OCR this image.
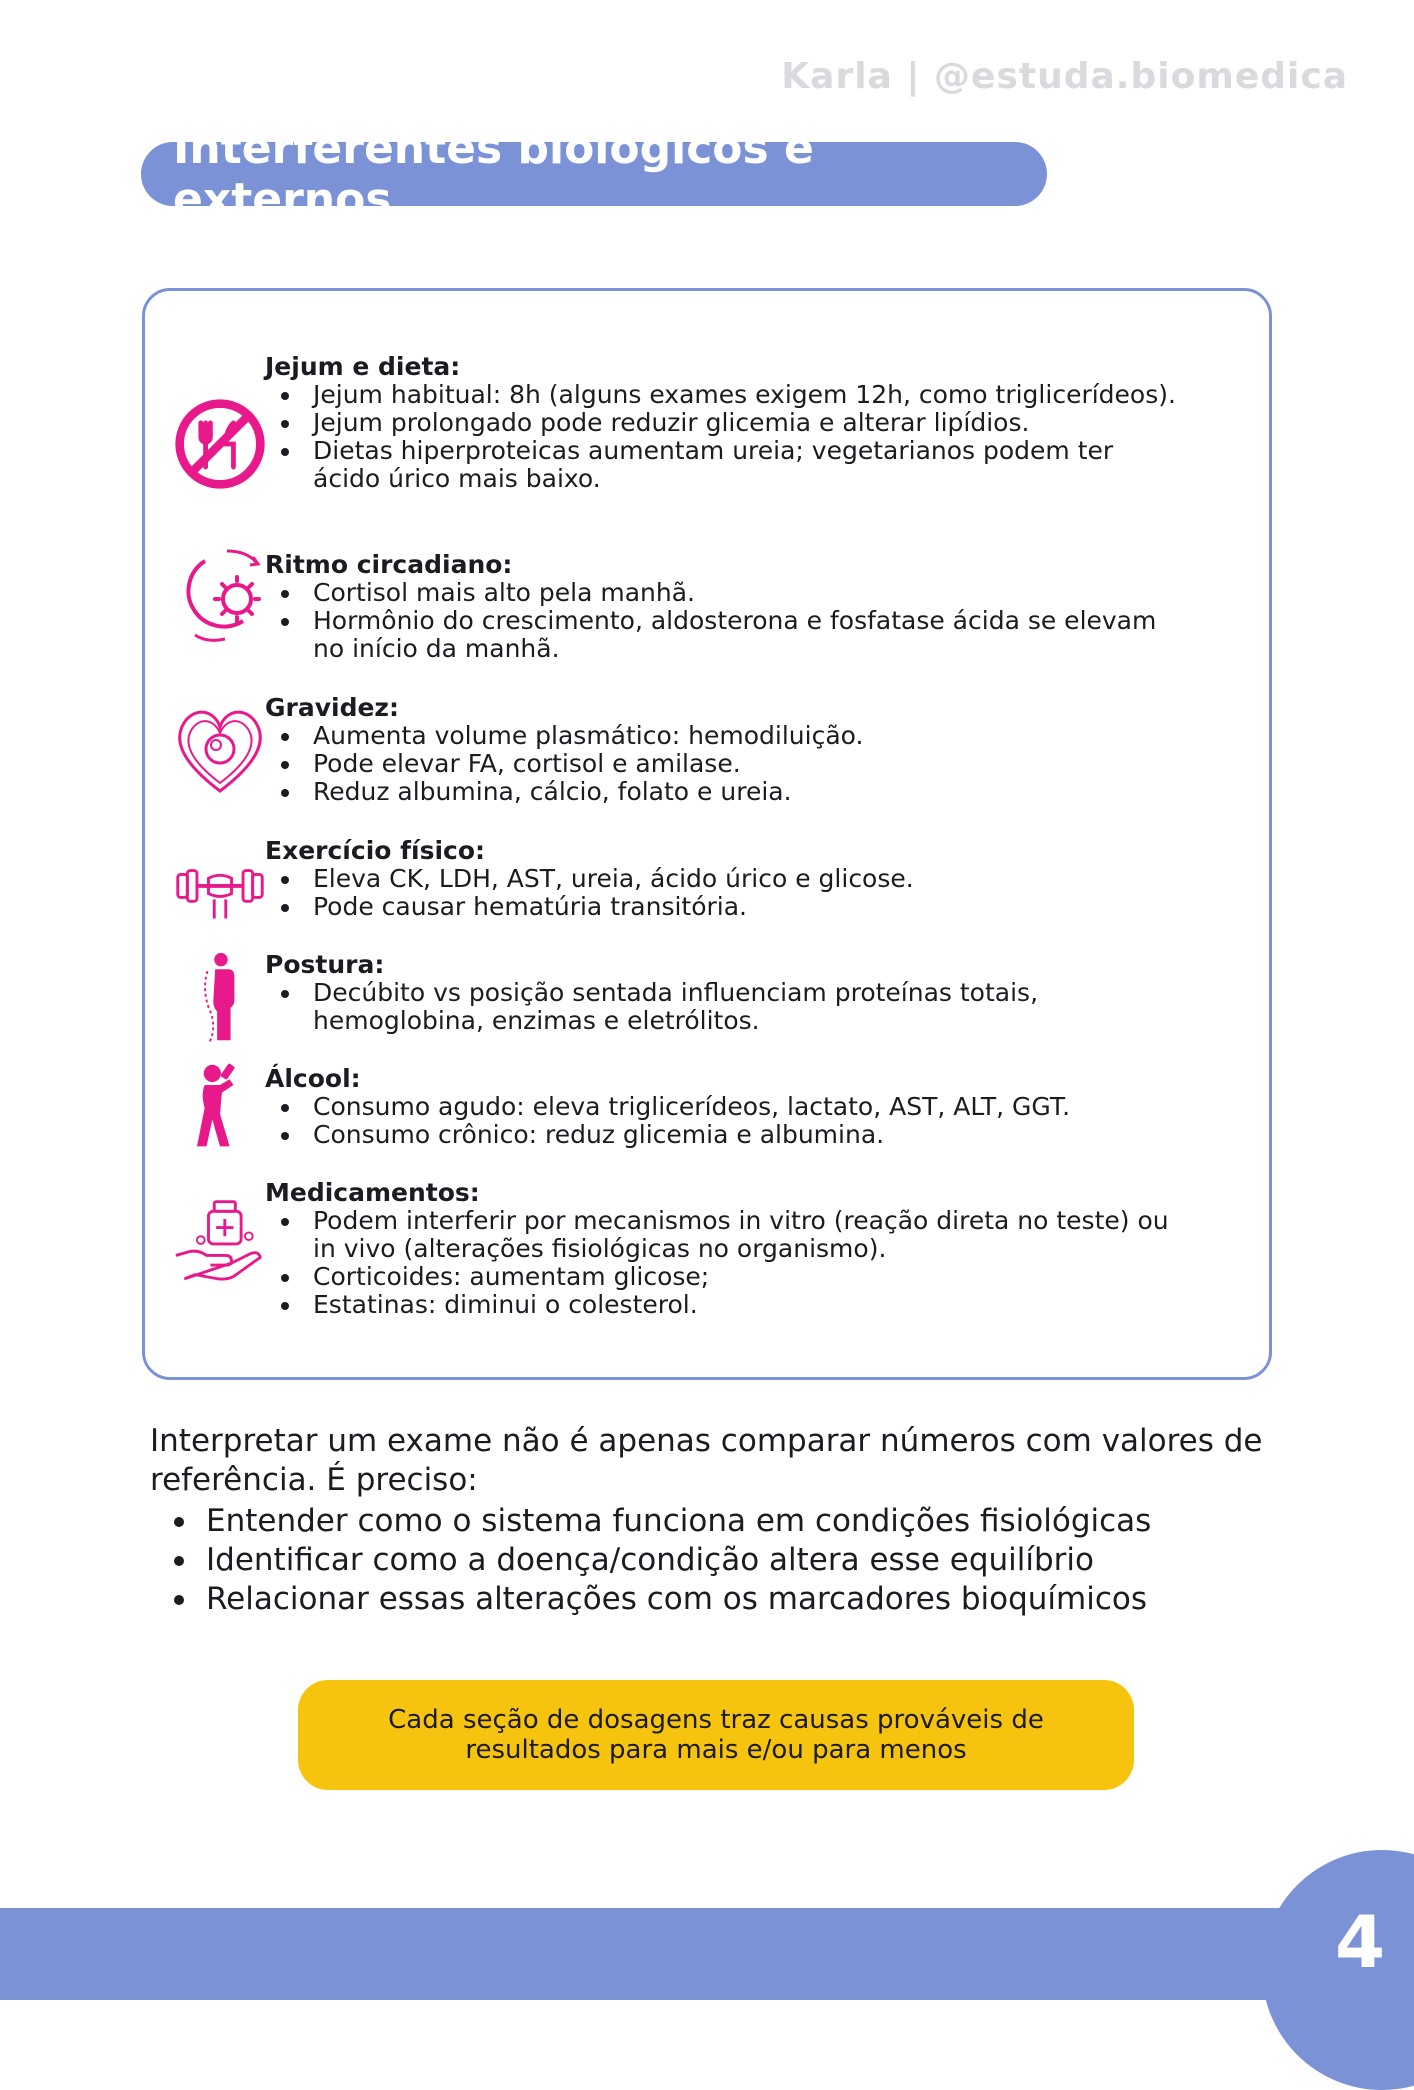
Karla | @estuda.biomedica
Interferentes biológicos e externos

Jejum e dieta:

Jejum habitual: 8h (alguns exames exigem 12h, como triglicerídeos).
Jejum prolongado pode reduzir glicemia e alterar lipídios.
Dietas hiperproteicas aumentam ureia; vegetarianos podem ter ácido úrico mais baixo.

Ritmo circadiano:

Cortisol mais alto pela manhã.
Hormônio do crescimento, aldosterona e fosfatase ácida se elevam no início da manhã.

Gravidez:

Aumenta volume plasmático: hemodiluição.
Pode elevar FA, cortisol e amilase.
Reduz albumina, cálcio, folato e ureia.

Exercício físico:

Eleva CK, LDH, AST, ureia, ácido úrico e glicose.
Pode causar hematúria transitória.

Postura:

Decúbito vs posição sentada influenciam proteínas totais, hemoglobina, enzimas e eletrólitos.

Álcool:

Consumo agudo: eleva triglicerídeos, lactato, AST, ALT, GGT.
Consumo crônico: reduz glicemia e albumina.

Medicamentos:

Podem interferir por mecanismos in vitro (reação direta no teste) ou in vivo (alterações fisiológicas no organismo).
Corticoides: aumentam glicose;
Estatinas: diminui o colesterol.

Interpretar um exame não é apenas comparar números com valores de referência. É preciso:

Entender como o sistema funciona em condições fisiológicas
Identificar como a doença/condição altera esse equilíbrio
Relacionar essas alterações com os marcadores bioquímicos
Cada seção de dosagens traz causas prováveis de resultados para mais e/ou para menos
4
